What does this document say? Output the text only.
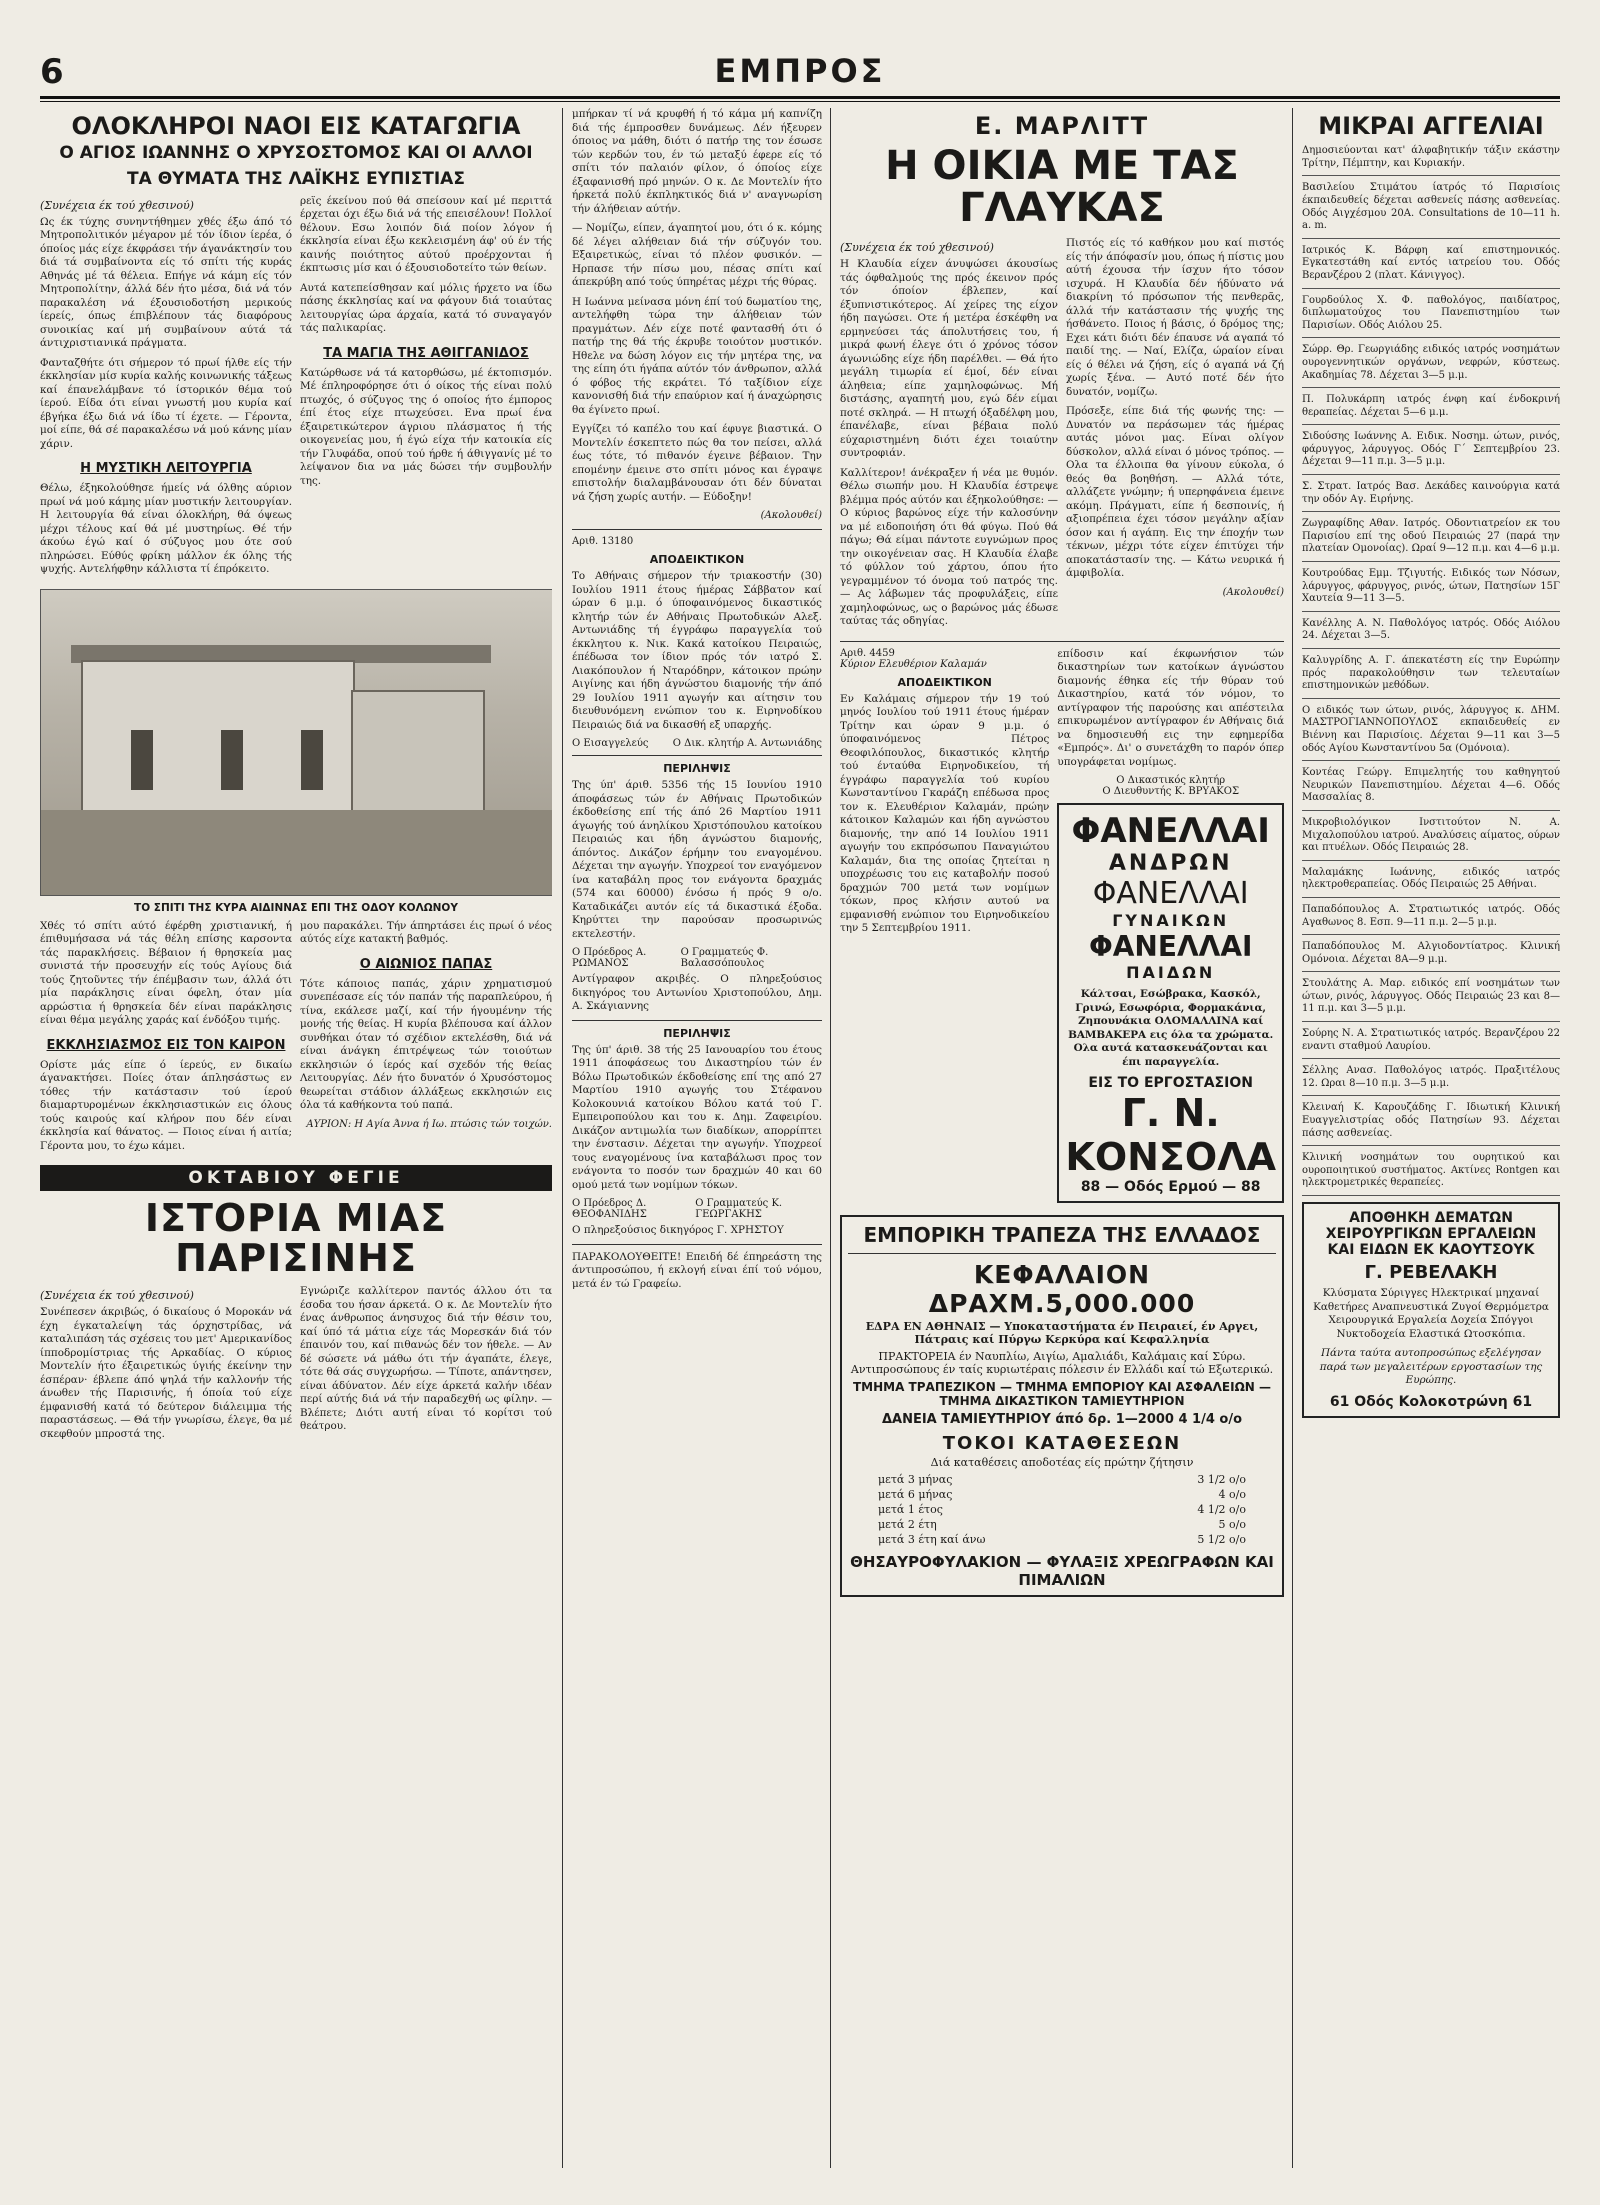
6	ΕΜΠΡΟΣ
ΟΛΟΚΛΗΡΟΙ ΝΑΟΙ ΕΙΣ ΚΑΤΑΓΩΓΙΑ
Ο ΑΓΙΟΣ ΙΩΑΝΝΗΣ Ο ΧΡΥΣΟΣΤΟΜΟΣ ΚΑΙ ΟΙ ΑΛΛΟΙ
ΤΑ ΘΥΜΑΤΑ ΤΗΣ ΛΑΪΚΗΣ ΕΥΠΙΣΤΙΑΣ
(Συνέχεια έκ τού χθεσινού)

Ως έκ τύχης συνηντήθημεν χθές έξω άπό τό Μητροπολιτικόν μέγαρον μέ τόν ίδιον ίερέα, ό όποίος μάς είχε έκφράσει τήν άγανάκτησίν του διά τά συμβαίνοντα είς τό σπίτι τής κυράς Αθηνάς μέ τά θέλεια. Επήγε νά κάμη είς τόν Μητροπολίτην, άλλά δέν ήτο μέσα, διά νά τόν παρακαλέση νά έξουσιοδοτήση μερικούς ίερείς, όπως έπιβλέπουν τάς διαφόρους συνοικίας καί μή συμβαίνουν αύτά τά άντιχριστιανικά πράγματα.

Φανταζθήτε ότι σήμερον τό πρωί ήλθε είς τήν έκκλησίαν μίσ κυρία καλής κοινωνικής τάξεως καί έπανελάμβανε τό ίστορικόν θέμα τού ίερού. Είδα ότι είναι γνωστή μου κυρία καί έβγήκα έξω διά νά ίδω τί έχετε. — Γέροντα, μοί είπε, θά σέ παρακαλέσω νά μού κάνης μίαν χάριν.

Η ΜΥΣΤΙΚΗ ΛΕΙΤΟΥΡΓΙΑ

Θέλω, έξηκολούθησε ήμείς νά όλθης αύριον πρωί νά μού κάμης μίαν μυστικήν λειτουργίαν. Η λειτουργία θά είναι όλοκλήρη, θά όψεως μέχρι τέλους καί θά μέ μυστηρίως. Θέ τήν άκούω έγώ καί ό σύζυγος μου ότε σού πληρώσει. Εύθύς φρίκη μάλλον έκ όλης τής ψυχής. Αντελήφθην κάλλιστα τί έπρόκειτο.

ρεϊς έκείνου πού θά σπείσουν καί μέ περιττά έρχεται όχι έξω διά νά τής επεισέλουν! Πολλοί θέλουν. Εσω λοιπόν διά ποίον λόγον ή έκκλησία είναι έξω κεκλεισμένη άφ' ού έν τής καινής ποιότητος αύτού προέρχονται ή έκπτωσις μίσ και ό έξουσιοδοτείτο τών θείων.

Αυτά κατεπείσθησαν καί μόλις ήρχετο να ίδω πάσης έκκλησίας καί να φάγουν διά τοιαύτας λειτουργίας ώρα άρχαία, κατά τό συναγαγόν τάς παλικαρίας.

ΤΑ ΜΑΓΙΑ ΤΗΣ ΑΘΙΓΓΑΝΙΔΟΣ

Κατώρθωσε νά τά κατορθώσω, μέ έκτοπισμόν. Μέ έπληροφόρησε ότι ό οίκος τής είναι πολύ πτωχός, ό σύζυγος της ό οποίος ήτο έμπορος έπί έτος είχε πτωχεύσει. Ενα πρωί ένα έξαιρετικώτερον άγριου πλάσματος ή τής οικογενείας μου, ή έγώ είχα τήν κατοικία είς τήν Γλυφάδα, οπού τού ήρθε ή άθιγγανίς μέ το λείψανον δια να μάς δώσει τήν συμβουλήν της.

ΤΟ ΣΠΙΤΙ ΤΗΣ ΚΥΡΑ ΑΙΔΙΝΝΑΣ ΕΠΙ ΤΗΣ ΟΔΟΥ ΚΟΛΩΝΟΥ

Χθές τό σπίτι αύτό έφέρθη χριστιανική, ή έπιθυμήσασα νά τάς θέλη επίσης καρσοντα τάς παρακλήσεις. Βέβαιον ή θρησκεία μας συνιστά τήν προσευχήν είς τούς Αγίους διά τούς ζητοῦντες τήν έπέμβασιν των, άλλά ότι μία παράκλησις είναι όφελη, όταν μία αρρώστια ή θρησκεία δέν είναι παράκλησις είναι θέμα μεγάλης χαράς καί ένδόξου τιμής.

ΕΚΚΛΗΣΙΑΣΜΟΣ ΕΙΣ ΤΟΝ ΚΑΙΡΟΝ

Ορίστε μάς είπε ό ίερεύς, εν δικαίω άγανακτήσει. Ποίες όταν άπλησάστως εν τόθες τήν κατάστασιν τού ίερού διαμαρτυρομένων έκκλησιαστικών εις όλους τούς καιρούς καί κλήρον που δέν είναι έκκλησία καί θάνατος. — Ποιος είναι ή αιτία; Γέροντα μου, το έχω κάμει.

μου παρακάλει. Τήν άπηρτάσει έις πρωί ό νέος αύτός είχε κατακτή βαθμός.

Ο ΑΙΩΝΙΟΣ ΠΑΠΑΣ

Τότε κάποιος παπάς, χάριν χρηματισμού συνεπέσασε είς τόν παπάν τής παραπλεύρου, ή τίνα, εκάλεσε μαζί, καί τήν ήγουμένην τής μονής τής θείας. Η κυρία βλέπουσα καί άλλον συνθήκαι όταν τό σχέδιον εκτελέσθη, διά νά είναι άνάγκη έπιτρέψεως τών τοιούτων εκκλησιών ό ίερός καί σχεδόν τής θείας Λειτουργίας. Δέν ήτο δυνατόν ό Χρυσόστομος θεωρείται στάδιον άλλάξεως εκκλησιών εις όλα τά καθήκοντα τού παπά.

ΑΥΡΙΟΝ: Η Αγία Άννα ή Ιω. πτώσις τών τοιχών.
ΟΚΤΑΒΙΟΥ ΦΕΓΙΕ
ΙΣΤΟΡΙΑ ΜΙΑΣ ΠΑΡΙΣΙΝΗΣ
(Συνέχεια έκ τού χθεσινού)

Συνέπεσεν άκριβώς, ό δικαίους ό Μοροκάν νά έχη έγκαταλείψη τάς όρχηστρίδας, νά καταλιπάση τάς σχέσεις του μετ' Αμερικανίδος ίπποδρομίστριας τής Αρκαδίας. Ο κύριος Μοντελίν ήτο έξαιρετικώς ύγιής έκείνην την έσπέραν· έβλεπε άπό ψηλά τήν καλλονήν τής άνωθεν τής Παρισινής, ή όποία τού είχε έμφανισθή κατά τό δεύτερον διάλειμμα τής παραστάσεως. — Θά τήν γνωρίσω, έλεγε, θα μέ σκεφθούν μπροστά της.

Εγνώριζε καλλίτερον παντός άλλου ότι τα έσοδα του ήσαν άρκετά. Ο κ. Δε Μοντελίν ήτο ένας άνθρωπος άνησυχος διά τήν θέσιν του, καί ύπό τά μάτια είχε τάς Μορεσκάν διά τόν έπαινόν του, καί πιθανώς δέν τον ήθελε. — Αν δέ σώσετε νά μάθω ότι τήν άγαπάτε, έλεγε, τότε θά σάς συγχωρήσω. — Τίποτε, απάντησεν, είναι άδύνατον. Δέν είχε άρκετά καλήν ιδέαν περί αύτής διά νά τήν παραδεχθή ως φίλην. — Βλέπετε; Διότι αυτή είναι τό κορίτσι τού θεάτρου.

μπήρκαν τί νά κρυφθή ή τό κάμα μή καπνίζη διά τής έμπροσθεν δυνάμεως. Δέν ήξευρεν όποιος να μάθη, διότι ό πατήρ της τον έσωσε τών κερδών του, έν τώ μεταξύ έφερε είς τό σπίτι τόν παλαιόν φίλον, ό όποίος είχε έξαφανισθή πρό μηνών. Ο κ. Δε Μοντελίν ήτο ήρκετά πολύ έκπληκτικός διά ν' αναγνωρίση τήν άλήθειαν αύτήν.

— Νομίζω, είπεν, άγαπητοί μου, ότι ό κ. κόμης δέ λέγει αλήθειαν διά τήν σύζυγόν του. Εξαιρετικώς, είναι τό πλέον φυσικόν. — Ηρπασε τήν πίσω μου, πέσας σπίτι καί άπεκρύβη από τούς ύπηρέτας μέχρι τής θύρας.

Η Ιωάννα μείνασα μόνη έπί τού δωματίου της, αντελήφθη τώρα την άλήθειαν τών πραγμάτων. Δέν είχε ποτέ φαντασθή ότι ό πατήρ της θά τής έκρυβε τοιούτον μυστικόν. Ηθελε να δώση λόγον εις τήν μητέρα της, να της είπη ότι ήγάπα αύτόν τόν άνθρωπον, αλλά ό φόβος τής εκράτει. Τό ταξίδιον είχε κανονισθή διά τήν επαύριον καί ή άναχώρησις θα έγίνετο πρωί.

Εγγίζει τό καπέλο του καί έφυγε βιαστικά. Ο Μοντελίν έσκεπτετο πώς θα τον πείσει, αλλά έως τότε, τό πιθανόν έγεινε βέβαιον. Την επομένην έμεινε στο σπίτι μόνος και έγραψε επιστολήν διαλαμβάνουσαν ότι δέν δύναται νά ζήση χωρίς αυτήν. — Εύδοξην!

(Ακολουθεί)
Αριθ. 13180
ΑΠΟΔΕΙΚΤΙΚΟΝ

Το Αθήναις σήμερον τήν τριακοστήν (30) Ιουλίου 1911 έτους ήμέρας Σάββατον καί ώραν 6 μ.μ. ό ύποφαινόμενος δικαστικός κλητήρ τών έν Αθήναις Πρωτοδικών Αλεξ. Αντωνιάδης τή έγγράφω παραγγελία τού έκκλητου κ. Νικ. Κακά κατοίκου Πειραιώς, έπέδωσα τον ίδιον πρός τόν ιατρό Σ. Λιακόπουλον ή Νταρόδηρν, κάτοικον πρώην Αιγίνης και ήδη άγνώστου διαμονής τήν άπό 29 Ιουλίου 1911 αγωγήν και αίτησιν του διευθυνόμενη ενώπιον του κ. Ειρηνοδίκου Πειραιώς διά να δικασθή εξ υπαρχής.

Ο Εισαγγελεύς Ο Δικ. κλητήρ Α. Αντωνιάδης
ΠΕΡΙΛΗΨΙΣ

Της ύπ' άριθ. 5356 τής 15 Ιουνίου 1910 άποφάσεως τών έν Αθήναις Πρωτοδικών έκδοθείσης επί τής άπό 26 Μαρτίου 1911 άγωγής τού άνηλίκου Χριστόπουλου κατοίκου Πειραιώς και ήδη άγνώστου διαμονής, άπόντος. Δικάζον έρήμην του εναγομένου. Δέχεται την αγωγήν. Υποχρεοί τον εναγόμενον ίνα καταβάλη προς τον ενάγοντα δραχμάς (574 και 60000) ένόσω ή πρός 9 ο/ο. Καταδικάζει αυτόν είς τά δικαστικά έξοδα. Κηρύττει την παρούσαν προσωρινώς εκτελεστήν.

Ο Πρόεδρος Α. ΡΩΜΑΝΟΣ
Ο Γραμματεύς Φ. Βαλασσόπουλος

Αντίγραφον ακριβές. Ο πληρεξούσιος δικηγόρος του Αντωνίου Χριστοπούλου, Δημ. Α. Σκάγιαννης

ΠΕΡΙΛΗΨΙΣ

Της ύπ' άριθ. 38 τής 25 Ιανουαρίου του έτους 1911 άποφάσεως του Δικαστηρίου τών έν Βόλω Πρωτοδικών έκδοθείσης επί της από 27 Μαρτίου 1910 αγωγής του Στέφανου Κολοκουνιά κατοίκου Βόλου κατά τού Γ. Εμπειροπούλου και του κ. Δημ. Ζαφειρίου. Δικάζον αντιμωλία των διαδίκων, απορρίπτει την ένστασιν. Δέχεται την αγωγήν. Υποχρεοί τους εναγομένους ίνα καταβάλωσι προς τον ενάγοντα το ποσόν των δραχμών 40 και 60 ομού μετά των νομίμων τόκων.

Ο Πρόεδρος Δ. ΘΕΟΦΑΝΙΔΗΣ
Ο Γραμματεύς Κ. ΓΕΩΡΓΑΚΗΣ

Ο πληρεξούσιος δικηγόρος Γ. ΧΡΗΣΤΟΥ

ΠΑΡΑΚΟΛΟΥΘΕΙΤΕ! Επειδή δέ έπηρεάστη της άντιπρoσώπου, ή εκλογή είναι έπί τού νόμου, μετά έν τώ Γραφείω.

Ε. ΜΑΡΛΙΤΤ
Η ΟΙΚΙΑ ΜΕ ΤΑΣ ΓΛΑΥΚΑΣ
(Συνέχεια έκ τού χθεσινού)

Η Κλαυδία είχεν άνυψώσει άκουσίως τάς όφθαλμούς της πρός έκεινον πρός τόν όποίον έβλεπεν, καί έξυπνιστικότερος. Αί χείρες της είχον ήδη παγώσει. Οτε ή μετέρα έσκέφθη να ερμηνεύσει τάς άπολυτήσεις του, ή μικρά φωνή έλεγε ότι ό χρόνος τόσον άγωνιώδης είχε ήδη παρέλθει. — Θά ήτο μεγάλη τιμωρία εί έμοί, δέν είναι άληθεια; είπε χαμηλοφώνως. Μή διστάσης, αγαπητή μου, εγώ δέν είμαι ποτέ σκληρά. — Η πτωχή όξαδέλφη μου, έπανέλαβε, είναι βέβαια πολύ εύχαριστημένη διότι έχει τοιαύτην συντροφιάν.

Καλλίτερον! άνέκραξεν ή νέα με θυμόν. Θέλω σιωπήν μου. Η Κλαυδία έστρεψε βλέμμα πρός αύτόν και έξηκολούθησε: — Ο κύριος βαρώνος είχε τήν καλοσύνην να μέ ειδοποιήση ότι θά φύγω. Πού θά πάγω; Θά είμαι πάντοτε ευγνώμων προς την οικογένειαν σας. Η Κλαυδία έλαβε τό φύλλον τού χάρτου, όπου ήτο γεγραμμένον τό όνομα τού πατρός της. — Ας λάβωμεν τάς προφυλάξεις, είπε χαμηλοφώνως, ως ο βαρώνος μάς έδωσε ταύτας τάς οδηγίας.

Πιστός είς τό καθήκον μου καί πιστός είς τήν άπόφασίν μου, όπως ή πίστις μου αύτή έχουσα τήν ίσχυν ήτο τόσον ισχυρά. Η Κλαυδία δέν ήδύνατο νά διακρίνη τό πρόσωπον τής πενθερᾶς, άλλά τήν κατάστασιν τής ψυχής της ήσθάνετο. Ποιος ή βάσις, ό δρόμος της; Εχει κάτι διότι δέν έπαυσε νά αγαπά τό παιδί της. — Ναί, Ελίζα, ώραίον είναι είς ό θέλει νά ζήση, είς ό αγαπά νά ζή χωρίς ξένα. — Αυτό ποτέ δέν ήτο δυνατόν, νομίζω.

Πρόσεξε, είπε διά τής φωνής της: — Δυνατόν να περάσωμεν τάς ήμέρας αυτάς μόνοι μας. Είναι ολίγον δύσκολον, αλλά είναι ό μόνος τρόπος. — Ολα τα έλλοιπα θα γίνουν εύκολα, ό θεός θα βοηθήση. — Αλλά τότε, αλλάζετε γνώμην; ή υπερηφάνεια έμεινε ακόμη. Πράγματι, είπε ή δεσποινίς, ή αξιοπρέπεια έχει τόσον μεγάλην αξίαν όσον και ή αγάπη. Εις την έποχήν των τέκνων, μέχρι τότε είχεν έπιτύχει τήν αποκατάστασίν της. — Κάτω νευρικά ή άμφιβολία.

(Ακολουθεί)
Αριθ. 4459
Κύριον Ελευθέριον Καλαμάν
ΑΠΟΔΕΙΚΤΙΚΟΝ

Εν Καλάμαις σήμερον τήν 19 τού μηνός Ιουλίου τού 1911 έτους ήμέραν Τρίτην και ώραν 9 μ.μ. ό ύποφαινόμενος Πέτρος Θεοφιλόπουλος, δικαστικός κλητήρ τού ένταύθα Ειρηνοδικείου, τή έγγράφω παραγγελία τού κυρίου Κωνσταντίνου Γκαράζη επέδωσα προς τον κ. Ελευθέριον Καλαμάν, πρώην κάτοικον Καλαμών και ήδη αγνώστου διαμονής, την από 14 Ιουλίου 1911 αγωγήν του εκπρόσωπου Παναγιώτου Καλαμάν, δια της οποίας ζητείται η υποχρέωσις του εις καταβολήν ποσού δραχμών 700 μετά των νομίμων τόκων, προς κλήσιν αυτού να εμφανισθή ενώπιον του Ειρηνοδικείου την 5 Σεπτεμβρίου 1911.

επίδοσιν καί έκφωνήσιον τών δικαστηρίων των κατοίκων άγνώστου διαμονής έθηκα είς τήν θύραν τού Δικαστηρίου, κατά τόν νόμον, το αντίγραφον τής παρούσης και απέστειλα επικυρωμένον αντίγραφον έν Αθήναις διά να δημοσιευθή εις την εφημερίδα «Εμπρός». Δι' ο συνετάχθη το παρόν όπερ υπογράφεται νομίμως.

Ο Δικαστικός κλητήρ
Ο Διευθυντής Κ. ΒΡΥΑΚΟΣ
ΦΑΝΕΛΛΑΙ
ΑΝΔΡΩΝ
ΦΑΝΕΛΛΑΙ
ΓΥΝΑΙΚΩΝ
ΦΑΝΕΛΛΑΙ
ΠΑΙΔΩΝ

Κάλτσαι, Εσώβρακα, Κασκόλ, Γρινώ, Εσωφόρια, Φορμακάνια, Ζηπουνάκια ΟΛΟΜΑΛΛΙΝΑ καί ΒΑΜΒΑΚΕΡΑ εις όλα τα χρώματα. Ολα αυτά κατασκευάζονται και έπι παραγγελία.

ΕΙΣ ΤΟ ΕΡΓΟΣΤΑΣΙΟΝ
Γ. Ν. ΚΟΝΣΟΛΑ
88 — Οδός Ερμού — 88
ΕΜΠΟΡΙΚΗ ΤΡΑΠΕΖΑ ΤΗΣ ΕΛΛΑΔΟΣ
ΚΕΦΑΛΑΙΟΝ ΔΡΑΧΜ.5,000.000
ΕΔΡΑ ΕΝ ΑΘΗΝΑΙΣ — Υποκαταστήματα έν Πειραιεί, έν Αργει, Πάτραις καί Πύργω Κερκύρα καί Κεφαλληνία
ΠΡΑΚΤΟΡΕΙΑ έν Ναυπλίω, Αιγίω, Αμαλιάδι, Καλάμαις καί Σύρω. Αντιπροσώπους έν ταίς κυριωτέραις πόλεσιν έν Ελλάδι καί τώ Εξωτερικώ.
ΤΜΗΜΑ ΤΡΑΠΕΖΙΚΟΝ — ΤΜΗΜΑ ΕΜΠΟΡΙΟΥ ΚΑΙ ΑΣΦΑΛΕΙΩΝ — ΤΜΗΜΑ ΔΙΚΑΣΤΙΚΟΝ ΤΑΜΙΕΥΤΗΡΙΟΝ
ΔΑΝΕΙΑ ΤΑΜΙΕΥΤΗΡΙΟΥ άπό δρ. 1—2000 4 1/4 ο/ο
ΤΟΚΟΙ ΚΑΤΑΘΕΣΕΩΝ
Διά καταθέσεις αποδοτέας είς πρώτην ζήτησιν
μετά 3 μήνας	3 1/2 ο/ο
μετά 6 μήνας	4 ο/ο
μετά 1 έτος	4 1/2 ο/ο
μετά 2 έτη	5 ο/ο
μετά 3 έτη καί άνω	5 1/2 ο/ο
ΘΗΣΑΥΡΟΦΥΛΑΚΙΟΝ — ΦΥΛΑΞΙΣ ΧΡΕΩΓΡΑΦΩΝ ΚΑΙ ΠΙΜΑΛΙΩΝ
ΜΙΚΡΑΙ ΑΓΓΕΛΙΑΙ

Δημοσιεύονται κατ' άλφαβητικήν τάξιν εκάστην Τρίτην, Πέμπτην, και Κυριακήν.

Βασιλείου Στιμάτου ίατρός τό Παρισίοις έκπαιδευθείς δέχεται ασθενείς πάσης ασθενείας. Οδός Αιγχέσμου 20Α. Consultations de 10—11 h. a. m.

Ιατρικός Κ. Βάρφη καί επιστημονικός. Εγκατεστάθη καί εντός ιατρείου του. Οδός Βερανζέρου 2 (πλατ. Κάνιγγος).

Γουρδούλος Χ. Φ. παθολόγος, παιδίατρος, διπλωματούχος του Πανεπιστημίου των Παρισίων. Οδός Αιόλου 25.

Σώρρ. Θρ. Γεωργιάδης ειδικός ιατρός νοσημάτων ουρογεννητικών οργάνων, νεφρών, κύστεως. Ακαδημίας 78. Δέχεται 3—5 μ.μ.

Π. Πολυκάρπη ιατρός ένφη καί ένδοκρινή θεραπείας. Δέχεται 5—6 μ.μ.

Σιδούσης Ιωάννης Α. Ειδικ. Νοσημ. ώτων, ρινός, φάρυγγος, λάρυγγος. Οδός Γ΄ Σεπτεμβρίου 23. Δέχεται 9—11 π.μ. 3—5 μ.μ.

Σ. Στρατ. Ιατρός Βασ. Δεκάδες καινούργια κατά την οδόν Αγ. Ειρήνης.

Ζωγραφίδης Αθαν. Ιατρός. Οδοντιατρείον εκ του Παρισίου επί της οδού Πειραιώς 27 (παρά την πλατείαν Ομονοίας). Ωραί 9—12 π.μ. και 4—6 μ.μ.

Κουτρούδας Εμμ. Τζιγυτής. Ειδικός των Νόσων, λάρυγγος, φάρυγγος, ρινός, ώτων, Πατησίων 15Γ Χαυτεία 9—11 3—5.

Κανέλλης Α. Ν. Παθολόγος ιατρός. Οδός Αιόλου 24. Δέχεται 3—5.

Καλυγρίδης Α. Γ. άπεκατέστη είς την Ευρώπην πρός παρακολούθησιν των τελευταίων επιστημονικών μεθόδων.

Ο ειδικός των ώτων, ρινός, λάρυγγος κ. ΔΗΜ. ΜΑΣΤΡΟΓΙΑΝΝΟΠΟΥΛΟΣ εκπαιδευθείς εν Βιέννη και Παρισίοις. Δέχεται 9—11 και 3—5 οδός Αγίου Κωνσταντίνου 5α (Ομόνοια).

Κοντέας Γεώργ. Επιμελητής του καθηγητού Νευρικών Πανεπιστημίου. Δέχεται 4—6. Οδός Μασσαλίας 8.

Μικροβιολόγικον Ινστιτούτον Ν. Α. Μιχαλοπούλου ιατρού. Αναλύσεις αίματος, ούρων και πτυέλων. Οδός Πειραιώς 28.

Μαλαμάκης Ιωάννης, ειδικός ιατρός ηλεκτροθεραπείας. Οδός Πειραιώς 25 Αθήναι.

Παπαδόπουλος Α. Στρατιωτικός ιατρός. Οδός Αγαθωνος 8. Εσπ. 9—11 π.μ. 2—5 μ.μ.

Παπαδόπουλος Μ. Αλγιοδοντίατρος. Κλινική Ομόνοια. Δέχεται 8Α—9 μ.μ.

Στουλάτης Α. Μαρ. ειδικός επί νοσημάτων των ώτων, ρινός, λάρυγγος. Οδός Πειραιώς 23 και 8—11 π.μ. και 3—5 μ.μ.

Σούρης Ν. Α. Στρατιωτικός ιατρός. Βερανζέρου 22 εναντι σταθμού Λαυρίου.

Σέλλης Ανασ. Παθολόγος ιατρός. Πραξιτέλους 12. Ωραι 8—10 π.μ. 3—5 μ.μ.

Κλειναή Κ. Καρουζάδης Γ. Ιδιωτική Κλινική Ευαγγελιστρίας οδός Πατησίων 93. Δέχεται πάσης ασθενείας.

Κλινική νοσημάτων του ουρητικού και ουροποιητικού συστήματος. Ακτίνες Rontgen και ηλεκτρομετρικές θεραπείες.

ΑΠΟΘΗΚΗ ΔΕΜΑΤΩΝ ΧΕΙΡΟΥΡΓΙΚΩΝ ΕΡΓΑΛΕΙΩΝ ΚΑΙ ΕΙΔΩΝ ΕΚ ΚΑΟΥΤΣΟΥΚ
Γ. ΡΕΒΕΛΑΚΗ

Κλύσματα Σύριγγες Ηλεκτρικαί μηχαναί Καθετήρες Αναπνευστικά Ζυγοί Θερμόμετρα Χειρουργικά Εργαλεία Δοχεία Σπόγγοι Νυκτοδοχεία Ελαστικά Ωτοσκόπια.

Πάντα ταύτα αυτοπροσώπως εξελέγησαν παρά των μεγαλειτέρων εργοστασίων της Ευρώπης.

61 Οδός Κολοκοτρώνη 61
